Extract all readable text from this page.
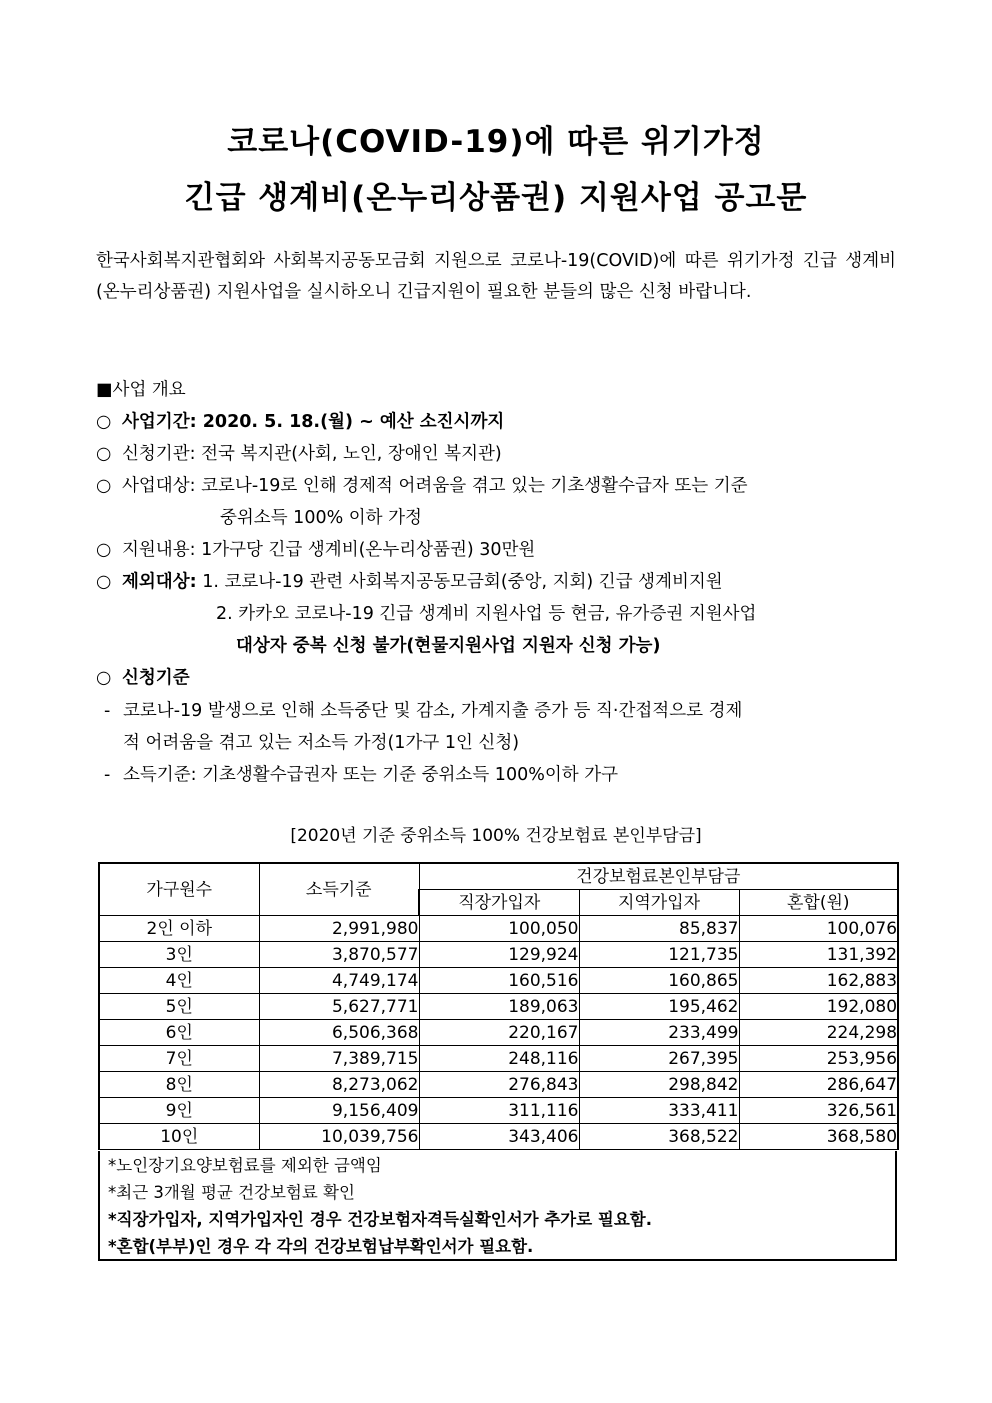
코로나(COVID-19)에 따른 위기가정
긴급 생계비(온누리상품권) 지원사업 공고문

한국사회복지관협회와 사회복지공동모금회 지원으로 코로나-19(COVID)에 따른 위기가정 긴급 생계비(온누리상품권) 지원사업을 실시하오니 긴급지원이 필요한 분들의 많은 신청 바랍니다.

■사업 개요
○ 사업기간: 2020. 5. 18.(월) ~ 예산 소진시까지
○ 신청기관: 전국 복지관(사회, 노인, 장애인 복지관)
○ 사업대상: 코로나-19로 인해 경제적 어려움을 겪고 있는 기초생활수급자 또는 기준
중위소득 100% 이하 가정
○ 지원내용: 1가구당 긴급 생계비(온누리상품권) 30만원
○ 제외대상: 1. 코로나-19 관련 사회복지공동모금회(중앙, 지회) 긴급 생계비지원
2. 카카오 코로나-19 긴급 생계비 지원사업 등 현금, 유가증권 지원사업
대상자 중복 신청 불가(현물지원사업 지원자 신청 가능)
○ 신청기준
- 코로나-19 발생으로 인해 소득중단 및 감소, 가계지출 증가 등 직·간접적으로 경제
적 어려움을 겪고 있는 저소득 가정(1가구 1인 신청)
- 소득기준: 기초생활수급권자 또는 기준 중위소득 100%이하 가구
[2020년 기준 중위소득 100% 건강보험료 본인부담금]
가구원수	소득기준	건강보험료본인부담금		
		직장가입자	지역가입자	혼합(원)
2인 이하	2,991,980	100,050	85,837	100,076
3인	3,870,577	129,924	121,735	131,392
4인	4,749,174	160,516	160,865	162,883
5인	5,627,771	189,063	195,462	192,080
6인	6,506,368	220,167	233,499	224,298
7인	7,389,715	248,116	267,395	253,956
8인	8,273,062	276,843	298,842	286,647
9인	9,156,409	311,116	333,411	326,561
10인	10,039,756	343,406	368,522	368,580
*노인장기요양보험료를 제외한 금액임
*최근 3개월 평균 건강보험료 확인
*직장가입자, 지역가입자인 경우 건강보험자격득실확인서가 추가로 필요함.
*혼합(부부)인 경우 각 각의 건강보험납부확인서가 필요함.
